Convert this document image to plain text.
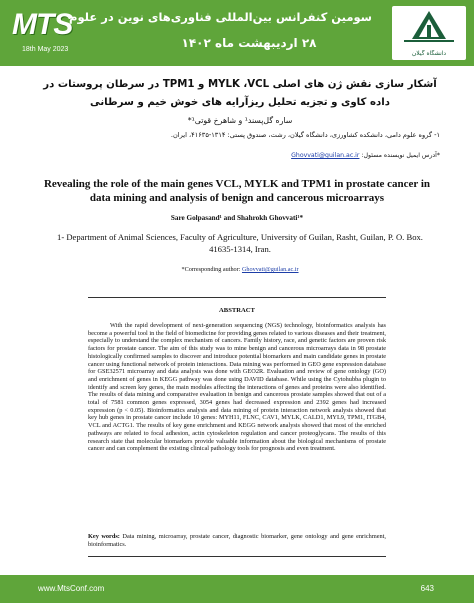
MTS
18th May 2023
سومین کنفرانس بین‌المللی فناوری‌های نوین در علوم
۲۸ اردیبهشت ماه ۱۴۰۲
دانشگاه گیلان
آشکار سازی نقش ژن های اصلی MYLK ،VCL و TPM1 در سرطان پروستات در
داده کاوی و تجزیه تحلیل ریزآرایه های خوش خیم و سرطانی
ساره گل‌پسند¹ و شاهرخ قوتی¹*
۱- گروه علوم دامی، دانشکده کشاورزی، دانشگاه گیلان، رشت، صندوق پستی: ۱۳۱۴-۴۱۶۳۵، ایران.
*آدرس ایمیل نویسنده مسئول: Ghovvati@guilan.ac.ir
Revealing the role of the main genes VCL, MYLK and TPM1 in prostate cancer in data mining and analysis of benign and cancerous microarrays
Sare Golpasand¹ and Shahrokh Ghovvati¹*
1- Department of Animal Sciences, Faculty of Agriculture, University of Guilan, Rasht, Guilan, P. O. Box. 41635-1314, Iran.
*Corresponding author: Ghovvati@guilan.ac.ir
ABSTRACT

With the rapid development of next-generation sequencing (NGS) technology, bioinformatics analysis has become a powerful tool in the field of biomedicine for providing genes related to various diseases and their treatment, especially to understand the complex mechanism of cancers. Family history, race, and genetic factors are proven risk factors for prostate cancer. The aim of this study was to mine benign and cancerous microarrays data in 98 prostate histologically confirmed samples to discover and introduce potential biomarkers and main candidate genes in prostate cancer using functional network of protein interactions. Data mining was performed in GEO gene expression database for GSE32571 microarray and data analysis was done with GEO2R. Evaluation and review of gene ontology (GO) and enrichment of genes in KEGG pathway was done using DAVID database. While using the Cytohubba plugin to identify and screen key genes, the main modules affecting the interactions of genes and proteins were also identified. The results of data mining and comparative evaluation in benign and cancerous prostate samples showed that out of a total of 7581 common genes expressed, 3054 genes had decreased expression and 2392 genes had increased expression (p < 0.05). Bioinformatics analysis and data mining of protein interaction network analysis showed that key hub genes in prostate cancer include 10 genes: MYH11, FLNC, CAV1, MYLK, CALD1, MYL9, TPM1, ITGB4, VCL and ACTG1. The results of key gene enrichment and KEGG network analysis showed that most of the enriched pathways are related to focal adhesion, actin cytoskeleton regulation and cancer proteoglycans. The results of this research state that molecular biomarkers provide valuable information about the biological mechanisms of prostate cancer and can complement the existing clinical pathology tools for prognosis and even treatment.

Key words: Data mining, microarray, prostate cancer, diagnostic biomarker, gene ontology and gene enrichment, bioinformatics.
www.MtsConf.com	643
